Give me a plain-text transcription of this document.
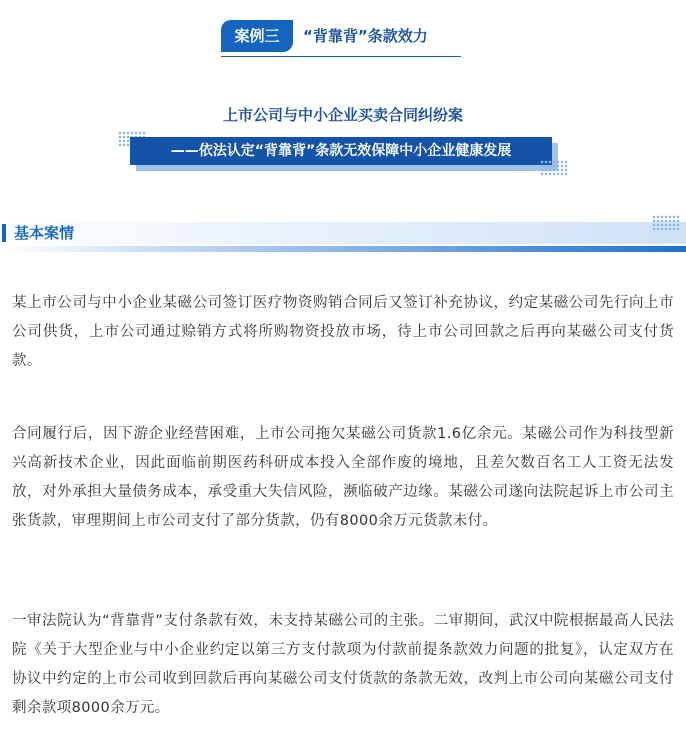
案例三	“背靠背”条款效力
上市公司与中小企业买卖合同纠纷案
——依法认定“背靠背”条款无效保障中小企业健康发展
基本案情

某上市公司与中小企业某磁公司签订医疗物资购销合同后又签订补充协议，约定某磁公司先行向上市公司供货，上市公司通过赊销方式将所购物资投放市场，待上市公司回款之后再向某磁公司支付货款。

合同履行后，因下游企业经营困难，上市公司拖欠某磁公司货款1.6亿余元。某磁公司作为科技型新兴高新技术企业，因此面临前期医药科研成本投入全部作废的境地，且差欠数百名工人工资无法发放，对外承担大量债务成本，承受重大失信风险，濒临破产边缘。某磁公司遂向法院起诉上市公司主张货款，审理期间上市公司支付了部分货款，仍有8000余万元货款未付。

一审法院认为“背靠背”支付条款有效，未支持某磁公司的主张。二审期间，武汉中院根据最高人民法院《关于大型企业与中小企业约定以第三方支付款项为付款前提条款效力问题的批复》，认定双方在协议中约定的上市公司收到回款后再向某磁公司支付货款的条款无效，改判上市公司向某磁公司支付剩余款项8000余万元。
